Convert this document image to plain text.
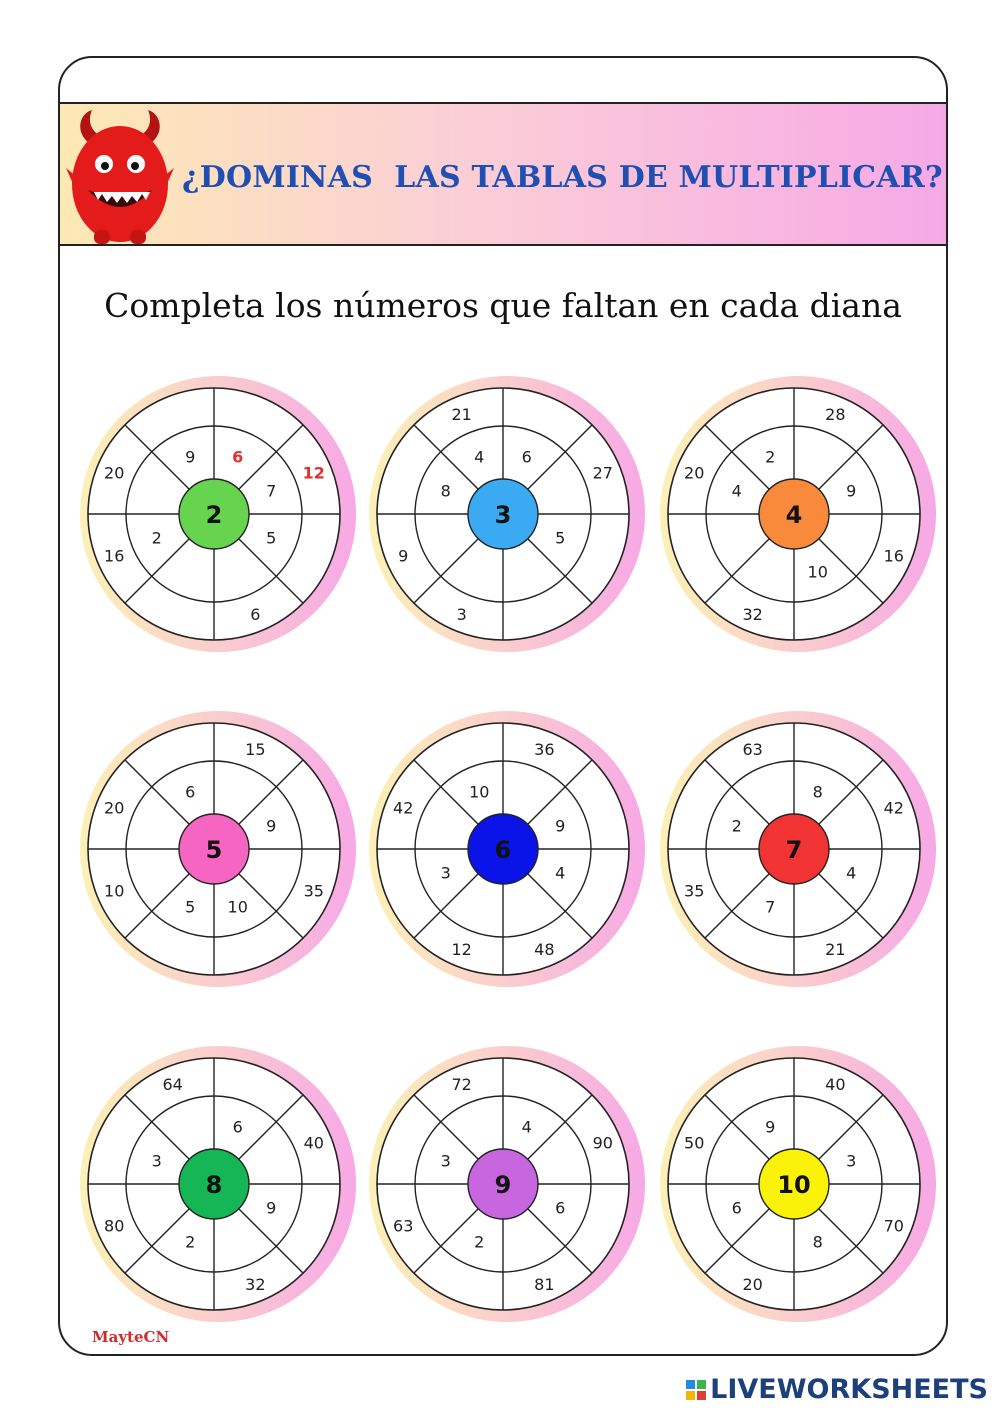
¿DOMINAS  LAS TABLAS DE MULTIPLICAR?
Completa los números que faltan en cada diana
MayteCN
2
12
20
16
6
9 6
7
5
2
3
21
27
9
3
4 6
8
5
4
28
20
16
32
2
9
4
10
5
15
20
10	35
6
9
5 10
6
36
42
12	48
10
9
3	4
7
63
42
35
21
8
2
4
7
8
64
40
80
32
6
3
9
2
9
72
90
63
81
4
3
6
2
10
40
50
70
20
9
3
6
8
LIVEWORKSHEETS
